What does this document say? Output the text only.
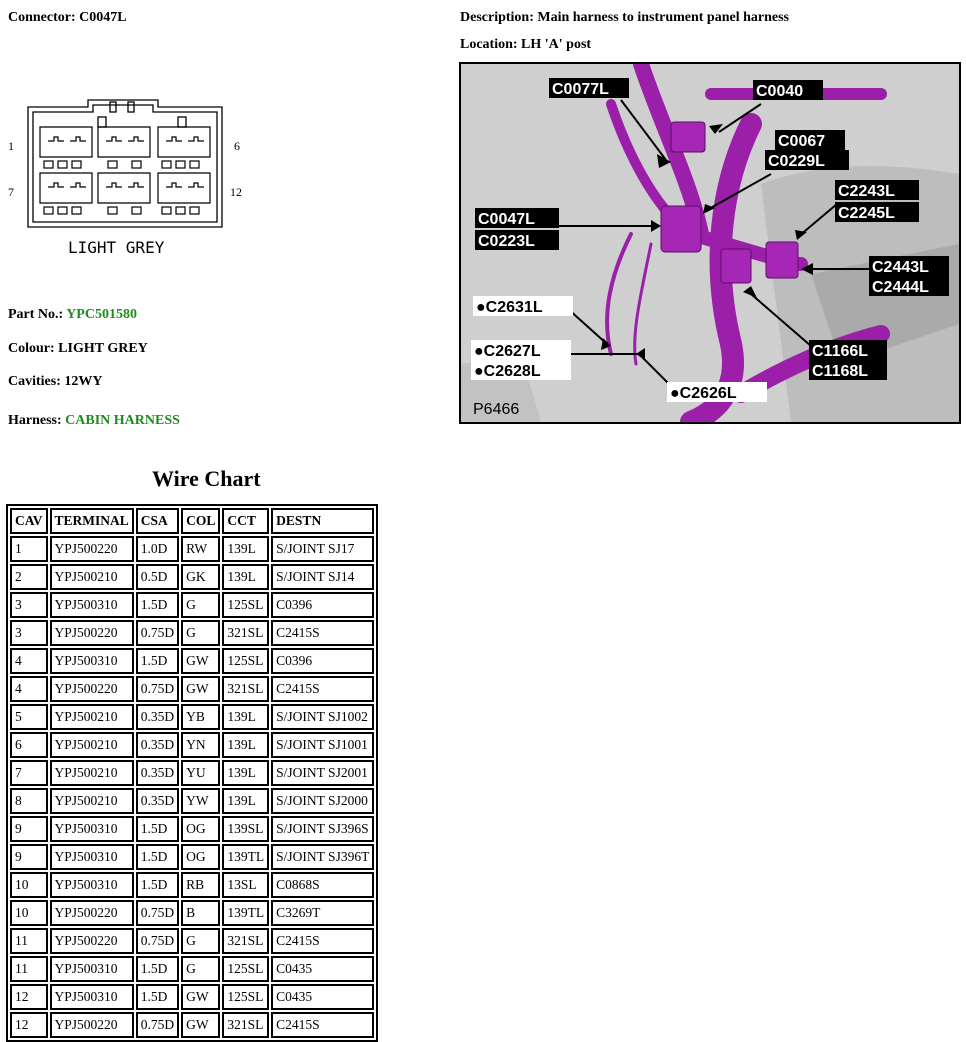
Connector: C0047L	Description: Main harness to instrument panel harness
Location: LH 'A' post
1	6
7	12
LIGHT GREY
Part No.: YPC501580
Colour: LIGHT GREY
Cavities: 12WY
Harness: CABIN HARNESS
C0077L	C0040
C0067
C0229L
C2243L
C2245L
C0047L
C0223L
C2443L
C2444L
●C2631L
●C2627L
●C2628L
C1166L
C1168L
●C2626L
P6466
Wire Chart
CAV	TERMINAL	CSA	COL	CCT	DESTN
1	YPJ500220	1.0D	RW	139L	S/JOINT SJ17
2	YPJ500210	0.5D	GK	139L	S/JOINT SJ14
3	YPJ500310	1.5D	G	125SL	C0396
3	YPJ500220	0.75D	G	321SL	C2415S
4	YPJ500310	1.5D	GW	125SL	C0396
4	YPJ500220	0.75D	GW	321SL	C2415S
5	YPJ500210	0.35D	YB	139L	S/JOINT SJ1002
6	YPJ500210	0.35D	YN	139L	S/JOINT SJ1001
7	YPJ500210	0.35D	YU	139L	S/JOINT SJ2001
8	YPJ500210	0.35D	YW	139L	S/JOINT SJ2000
9	YPJ500310	1.5D	OG	139SL	S/JOINT SJ396S
9	YPJ500310	1.5D	OG	139TL	S/JOINT SJ396T
10	YPJ500310	1.5D	RB	13SL	C0868S
10	YPJ500220	0.75D	B	139TL	C3269T
11	YPJ500220	0.75D	G	321SL	C2415S
11	YPJ500310	1.5D	G	125SL	C0435
12	YPJ500310	1.5D	GW	125SL	C0435
12	YPJ500220	0.75D	GW	321SL	C2415S
